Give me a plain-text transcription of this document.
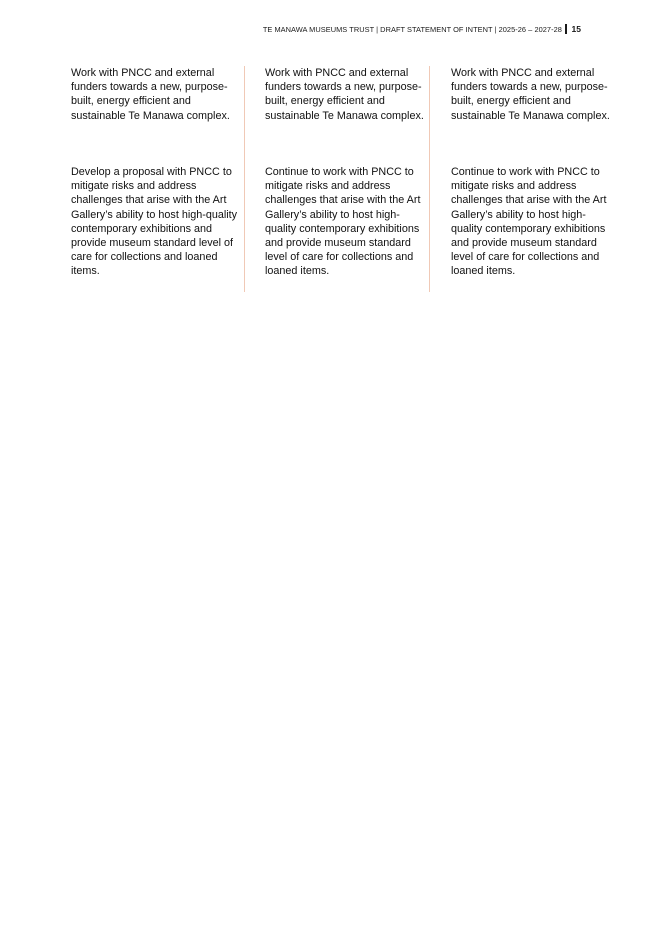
TE MANAWA MUSEUMS TRUST | DRAFT STATEMENT OF INTENT | 2025-26 – 2027-28 15

Work with PNCC and external funders towards a new, purpose-built, energy efficient and sustainable Te Manawa complex.

Develop a proposal with PNCC to mitigate risks and address challenges that arise with the Art Gallery’s ability to host high-quality contemporary exhibitions and provide museum standard level of care for collections and loaned items.

Work with PNCC and external funders towards a new, purpose-built, energy efficient and sustainable Te Manawa complex.

Continue to work with PNCC to mitigate risks and address challenges that arise with the Art Gallery’s ability to host high-quality contemporary exhibitions and provide museum standard level of care for collections and loaned items.

Work with PNCC and external funders towards a new, purpose-built, energy efficient and sustainable Te Manawa complex.

Continue to work with PNCC to mitigate risks and address challenges that arise with the Art Gallery’s ability to host high-quality contemporary exhibitions and provide museum standard level of care for collections and loaned items.
